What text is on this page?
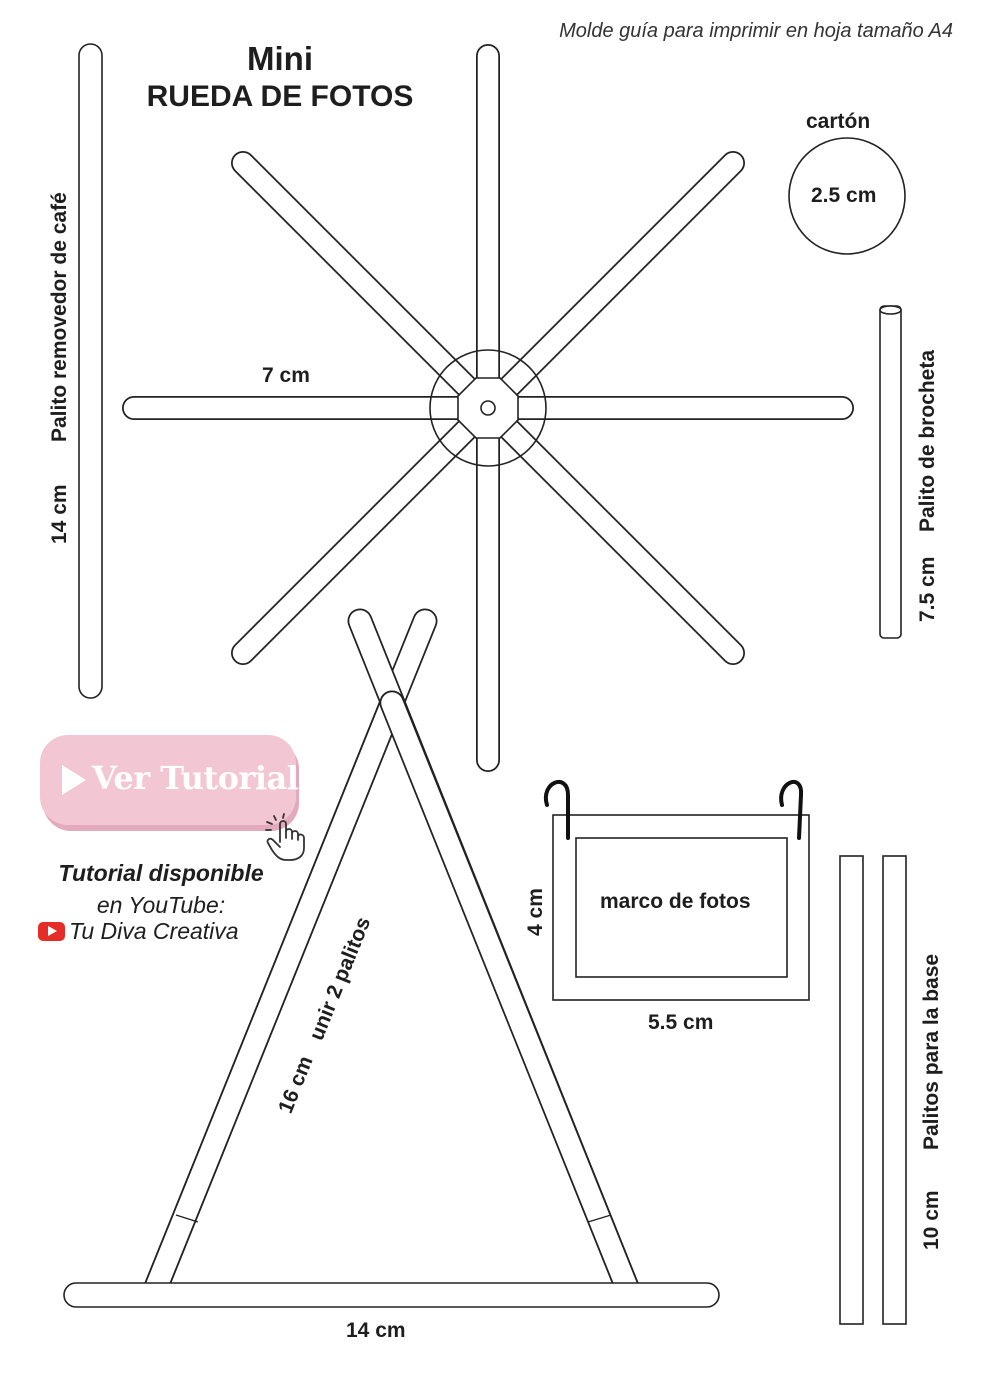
Molde guía para imprimir en hoja tamaño A4
Mini
RUEDA DE FOTOS
Palito removedor de café
14 cm
7 cm
cartón
2.5 cm
Palito de brocheta
7.5 cm
Ver Tutorial
Tutorial disponible
en YouTube:
Tu Diva Creativa	unir 2 palitos
16 cm
14 cm
marco de fotos
4 cm
5.5 cm	Palitos para la base
10 cm
